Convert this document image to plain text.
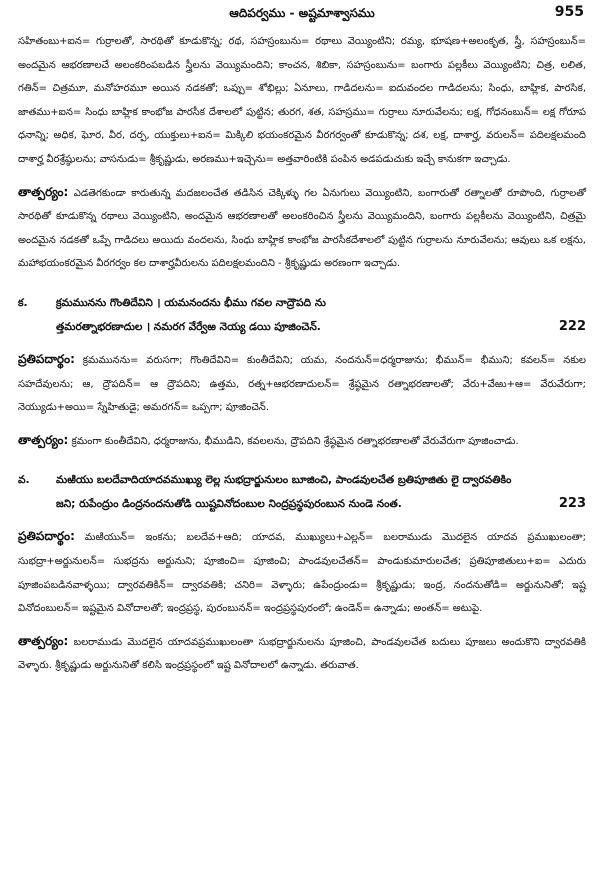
ఆదిపర్వము - అష్టమాశ్వాసము	955

సహితంబు+ఐన= గుర్రాలతో, సారథితో కూడుకొన్న; రథ, సహస్రంబును= రథాలు వెయ్యింటిని; రమ్య, భూషణ+అలంకృత, స్త్రీ, సహస్రంబున్= అందమైన ఆభరణాలచే అలంకరింపబడిన స్త్రీలను వెయ్యిమందిని; కాంచన, శిబికా, సహస్రంబును= బంగారు పల్లకీలు వెయ్యింటిని; చిత్ర, లలిత, గతిన్= చిత్రమూ, మనోహరమూ అయిన నడకతో; ఒప్పు= శోభిల్లు; ఏనూలు, గాడిదలను= ఐదువందల గాడిదలను; సింధు, బాహ్లిక, పారసిక, జాతము+ఐన= సింధు బాహ్లిక కాంభోజ పారసీక దేశాలలో పుట్టిన; తురగ, శత, సహస్రము= గుర్రాలు నూరువేలను; లక్ష, గోధనంబున్= లక్ష గోరూప ధనాన్ని; అధిక, ఘోర, వీర, దర్ప, యుక్తులు+ఐన= మిక్కిలి భయంకరమైన వీరగర్వంతో కూడుకొన్న; దశ, లక్ష, దాశార్హ, వరులన్= పదిలక్షలమంది దాశార్హ వీరశ్రేష్ఠులను; వాసనుడు= శ్రీకృష్ణుడు, అరణము+ఇచ్చెను= అత్తవారింటికి పంపిన అడపడుచుకు ఇచ్చే కానుకగా ఇచ్చాడు.

తాత్పర్యం: ఎడతెగకుండా కారుతున్న మదజలంచేత తడిసిన చెక్కిళ్ళు గల ఏనుగులు వెయ్యింటిని, బంగారుతో రత్నాలతో రూపొంది, గుర్రాలతో సారథితో కూడుకొన్న రథాలు వెయ్యింటిని, అందమైన ఆభరణాలతో అలంకరించిన స్త్రీలను వెయ్యిమందిని, బంగారు పల్లకీలను వెయ్యింటిని, చిత్రమై అందమైన నడకతో ఒప్పే గాడిదలు అయిదు వందలను, సింధు బాహ్లిక కాంభోజ పారసీకదేశాలలో పుట్టిన గుర్రాలను నూరువేలను; ఆవులు ఒక లక్షను, మహాభయంకరమైన వీరగర్వం కల దాశార్హవీరులను పదిలక్షలమందిని - శ్రీకృష్ణుడు అరణంగా ఇచ్చాడు.

క.	క్రమమునను గొంతిదేవిని । యమనందను భీము గవల నాద్రౌపది ను
త్తమరత్నాభరణాదుల । నమరగ వేర్వేఱ నెయ్య డయి పూజించెన్.	222

ప్రతిపదార్థం: క్రమమునను= వరుసగా; గొంతిదేవిని= కుంతీదేవిని; యమ, నందనున్=ధర్మరాజును; భీమున్= భీముని; కవలన్= నకుల సహదేవులను; ఆ, ద్రౌపదిన్= ఆ ద్రౌపదిని; ఉత్తమ, రత్న+ఆభరణాదులన్= శ్రేష్ఠమైన రత్నాభరణాలతో; వేరు+వేఱు+ఆ= వేరువేరుగా; నెయ్యుడు+అయి= స్నేహితుడై; అమరగన్= ఒప్పగా; పూజించెన్.

తాత్పర్యం: క్రమంగా కుంతీదేవిని, ధర్మరాజును, భీముడిని, కవలలను, ద్రౌపదిని శ్రేష్ఠమైన రత్నాభరణాలతో వేరువేరుగా పూజించాడు.

వ.	మఱియు బలదేవాదియాదవముఖ్యు లెల్ల సుభద్రార్జునులం బూజించి, పాండవులచేత బ్రతిపూజితు లై ద్వారవతికిం
జని; రుపేంద్రుం డింద్రనందనుతోడి యిష్టవినోదంబుల నింద్రప్రస్థపురంబున నుండె నంత.	223

ప్రతిపదార్థం: మఱియున్= ఇంకను; బలదేవ+ఆది; యాదవ, ముఖ్యులు+ఎల్లన్= బలరాముడు మొదలైన యాదవ ప్రముఖులంతా; సుభద్రా+అర్జునులన్= సుభద్రను అర్జునుని; పూజించి= పూజించి; పాండవులచేతన్= పాండుకుమారులచేత; ప్రతిపూజితులు+ఐ= ఎదురు పూజింపబడినవాళ్ళయి; ద్వారవతికిన్= ద్వారవతికి; చనిరి= వెళ్ళారు; ఉపేంద్రుండు= శ్రీకృష్ణుడు; ఇంద్ర, నందనుతోడి= అర్జునునితో; ఇష్ట వినోదంబులన్= ఇష్టమైన వినోదాలతో; ఇంద్రప్రస్థ, పురంబునన్= ఇంద్రప్రస్థపురంలో; ఉండెన్= ఉన్నాడు; అంతన్= అటుపై.

తాత్పర్యం: బలరాముడు మొదలైన యాదవప్రముఖులంతా సుభద్రార్జునులను పూజించి, పాండవులచేత బదులు పూజలు అందుకొని ద్వారవతికి వెళ్ళారు. శ్రీకృష్ణుడు అర్జునునితో కలిసి ఇంద్రప్రస్థంలో ఇష్ట వినోదాలలో ఉన్నాడు. తరువాత.
